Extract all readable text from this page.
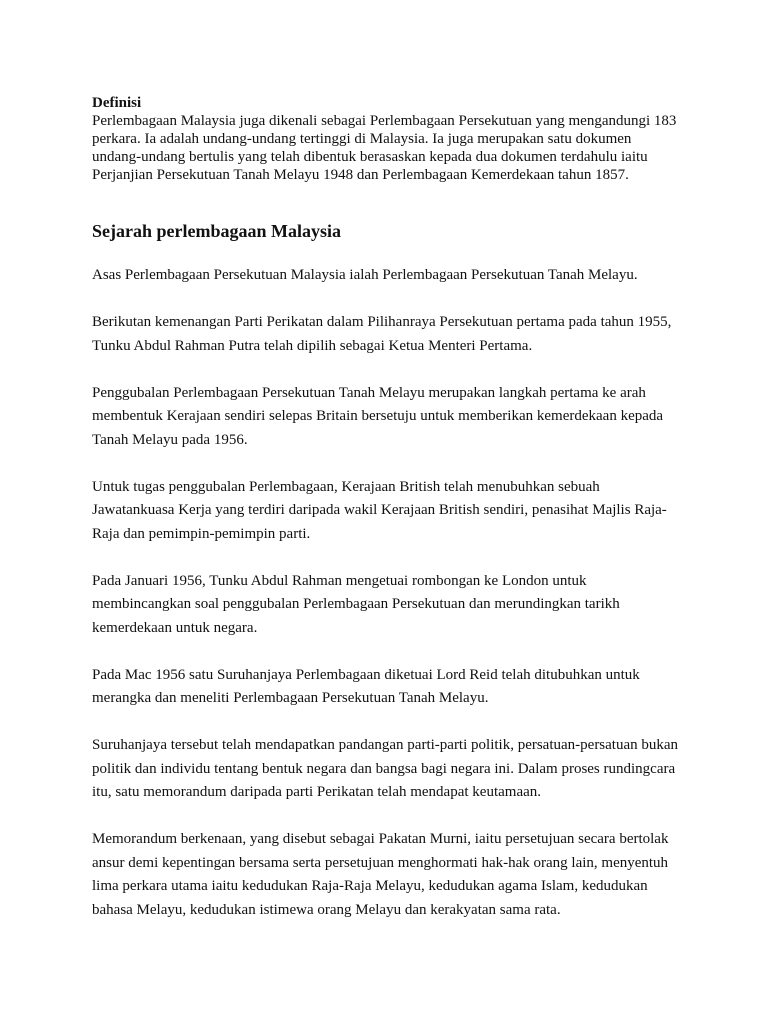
Definisi

Perlembagaan Malaysia juga dikenali sebagai Perlembagaan Persekutuan yang mengandungi 183 perkara. Ia adalah undang-undang tertinggi di Malaysia. Ia juga merupakan satu dokumen undang-undang bertulis yang telah dibentuk berasaskan kepada dua dokumen terdahulu iaitu Perjanjian Persekutuan Tanah Melayu 1948 dan Perlembagaan Kemerdekaan tahun 1857.

Sejarah perlembagaan Malaysia

Asas Perlembagaan Persekutuan Malaysia ialah Perlembagaan Persekutuan Tanah Melayu.

Berikutan kemenangan Parti Perikatan dalam Pilihanraya Persekutuan pertama pada tahun 1955, Tunku Abdul Rahman Putra telah dipilih sebagai Ketua Menteri Pertama.

Penggubalan Perlembagaan Persekutuan Tanah Melayu merupakan langkah pertama ke arah membentuk Kerajaan sendiri selepas Britain bersetuju untuk memberikan kemerdekaan kepada Tanah Melayu pada 1956.

Untuk tugas penggubalan Perlembagaan, Kerajaan British telah menubuhkan sebuah Jawatankuasa Kerja yang terdiri daripada wakil Kerajaan British sendiri, penasihat Majlis Raja-Raja dan pemimpin-pemimpin parti.

Pada Januari 1956, Tunku Abdul Rahman mengetuai rombongan ke London untuk membincangkan soal penggubalan Perlembagaan Persekutuan dan merundingkan tarikh kemerdekaan untuk negara.

Pada Mac 1956 satu Suruhanjaya Perlembagaan diketuai Lord Reid telah ditubuhkan untuk merangka dan meneliti Perlembagaan Persekutuan Tanah Melayu.

Suruhanjaya tersebut telah mendapatkan pandangan parti-parti politik, persatuan-persatuan bukan politik dan individu tentang bentuk negara dan bangsa bagi negara ini. Dalam proses rundingcara itu, satu memorandum daripada parti Perikatan telah mendapat keutamaan.

Memorandum berkenaan, yang disebut sebagai Pakatan Murni, iaitu persetujuan secara bertolak ansur demi kepentingan bersama serta persetujuan menghormati hak-hak orang lain, menyentuh lima perkara utama iaitu kedudukan Raja-Raja Melayu, kedudukan agama Islam, kedudukan bahasa Melayu, kedudukan istimewa orang Melayu dan kerakyatan sama rata.
